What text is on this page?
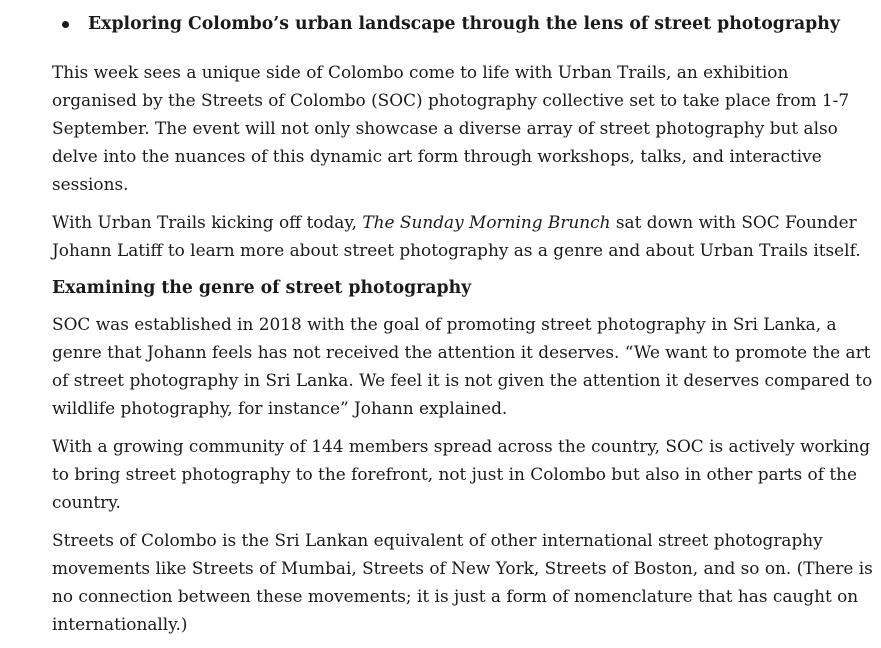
Exploring Colombo’s urban landscape through the lens of street photography

This week sees a unique side of Colombo come to life with Urban Trails, an exhibition organised by the Streets of Colombo (SOC) photography collective set to take place from 1-7 September. The event will not only showcase a diverse array of street photography but also delve into the nuances of this dynamic art form through workshops, talks, and interactive sessions.

With Urban Trails kicking off today, The Sunday Morning Brunch sat down with SOC Founder Johann Latiff to learn more about street photography as a genre and about Urban Trails itself.

Examining the genre of street photography

SOC was established in 2018 with the goal of promoting street photography in Sri Lanka, a genre that Johann feels has not received the attention it deserves. “We want to promote the art of street photography in Sri Lanka. We feel it is not given the attention it deserves compared to wildlife photography, for instance” Johann explained.

With a growing community of 144 members spread across the country, SOC is actively working to bring street photography to the forefront, not just in Colombo but also in other parts of the country.

Streets of Colombo is the Sri Lankan equivalent of other international street photography movements like Streets of Mumbai, Streets of New York, Streets of Boston, and so on. (There is no connection between these movements; it is just a form of nomenclature that has caught on internationally.)
